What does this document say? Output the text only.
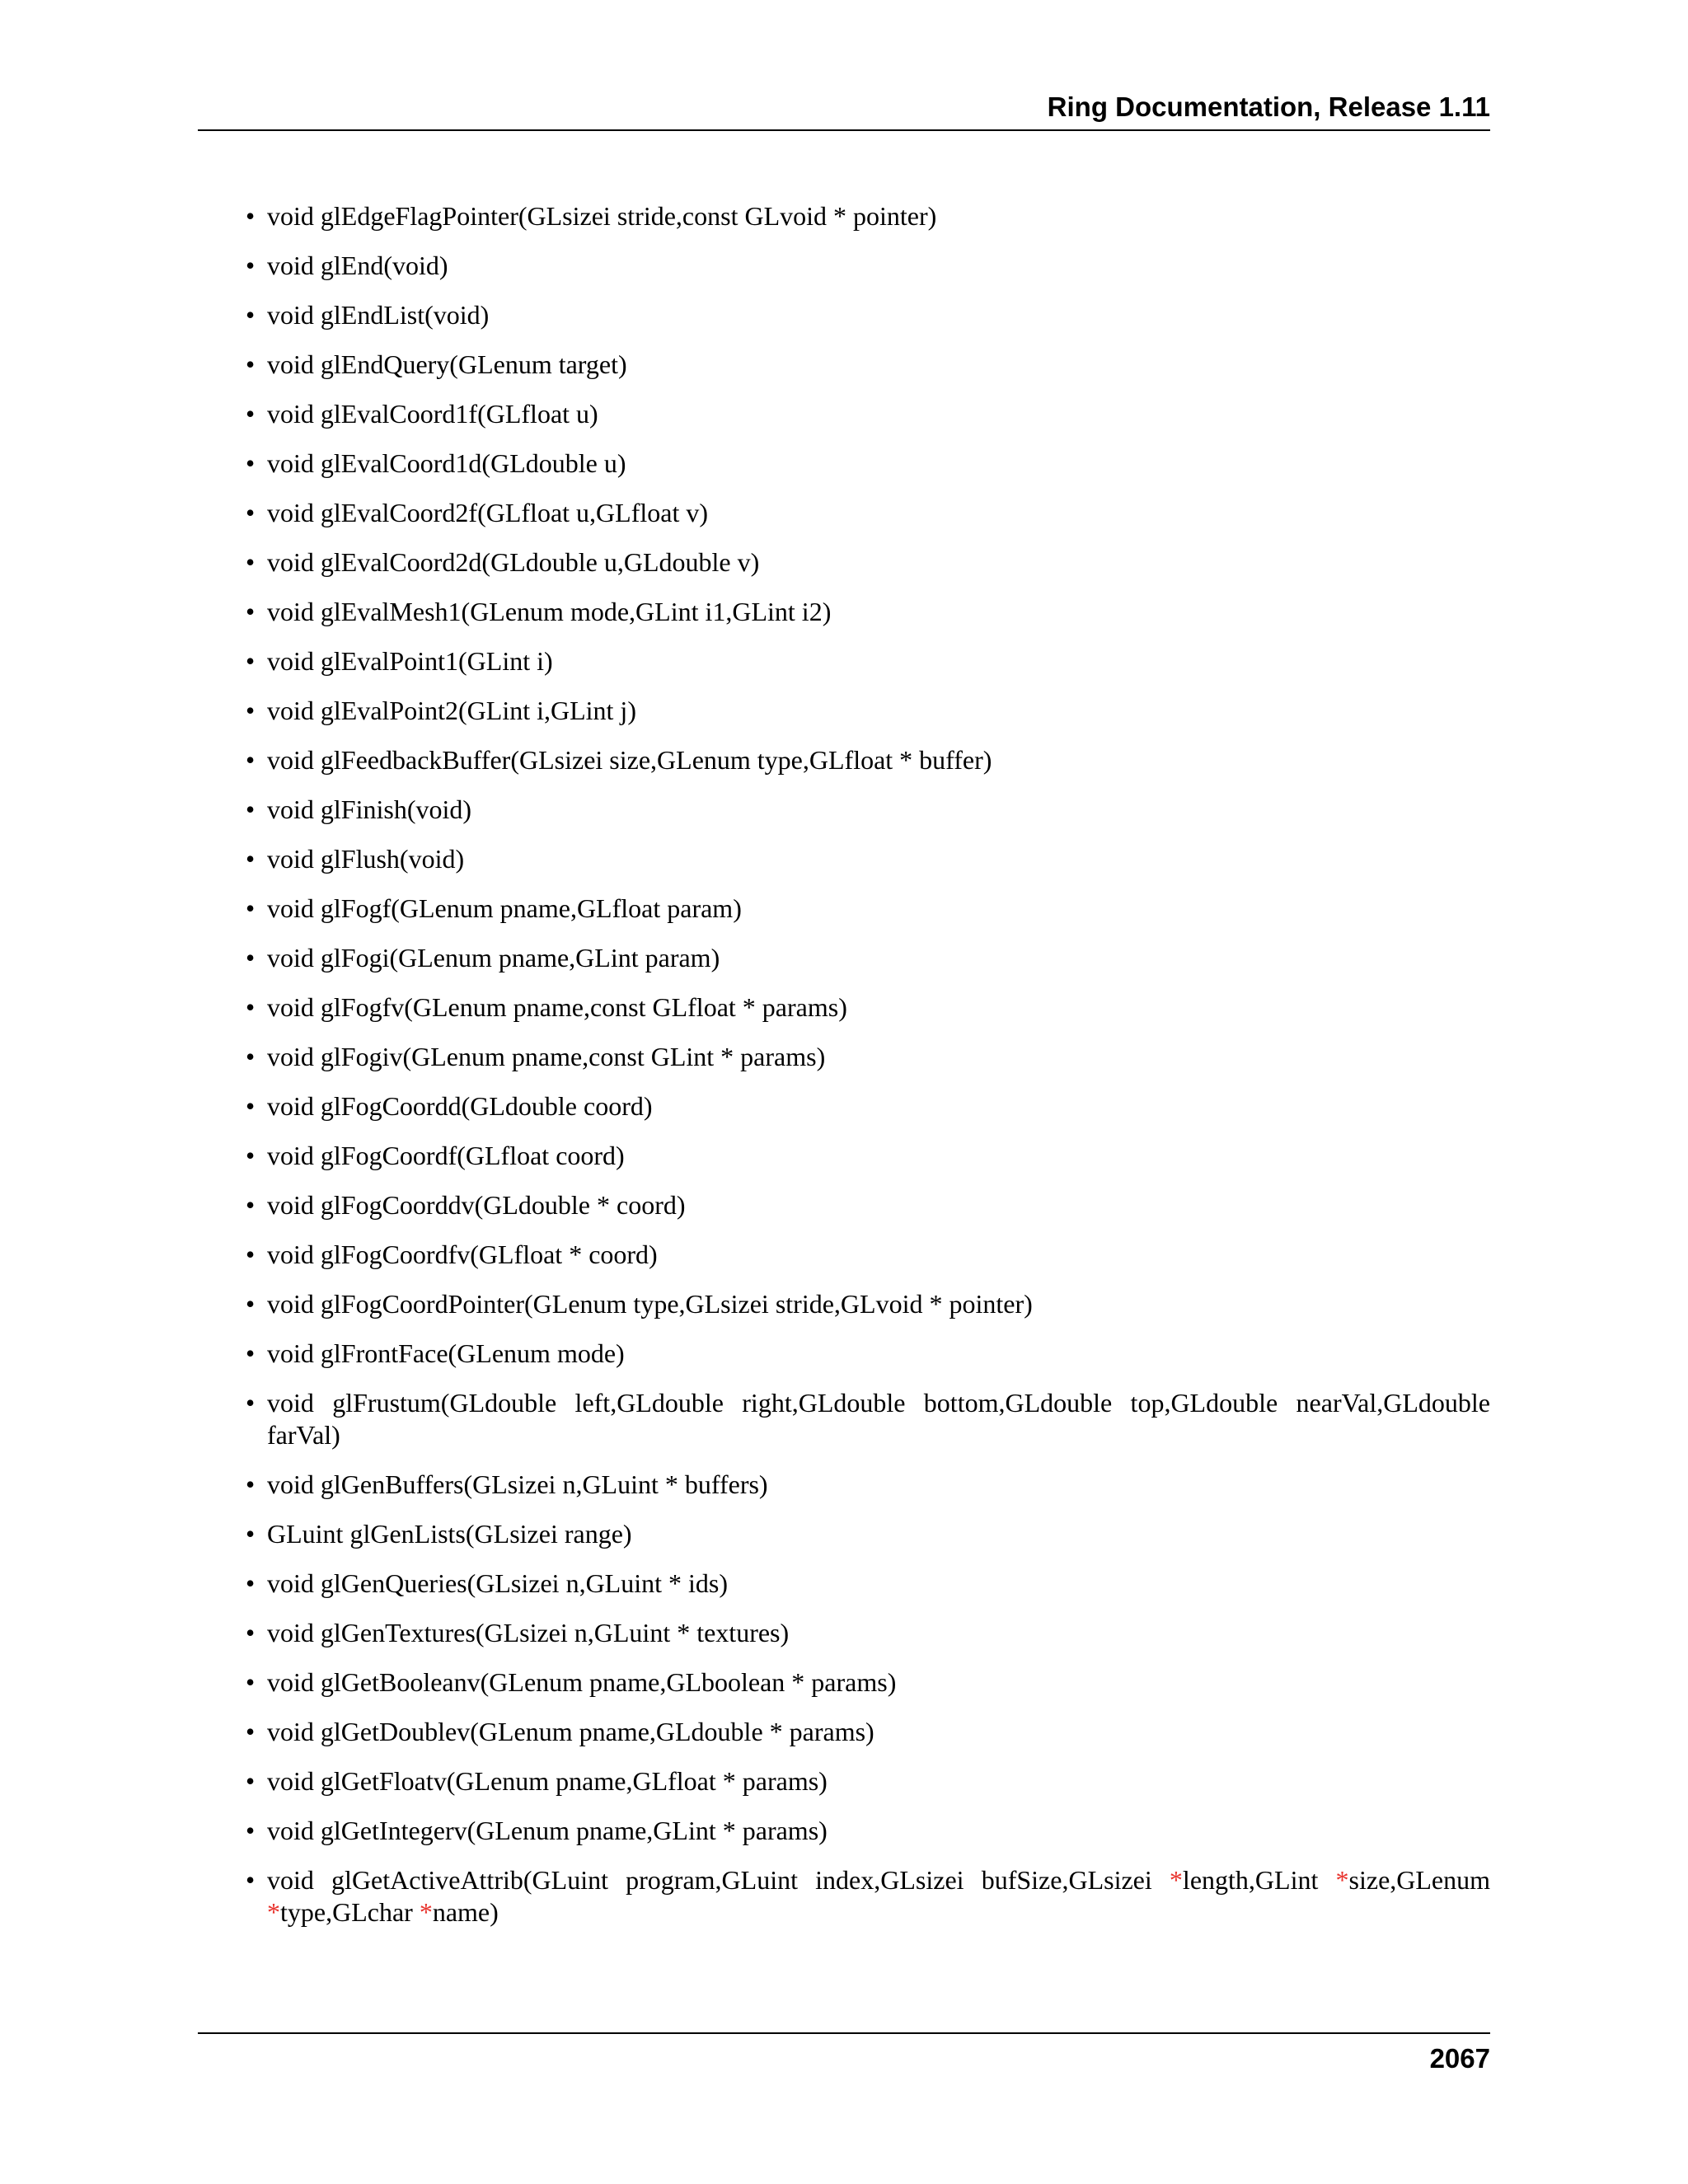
Ring Documentation, Release 1.11
• void glEdgeFlagPointer(GLsizei stride,const GLvoid * pointer)
• void glEnd(void)
• void glEndList(void)
• void glEndQuery(GLenum target)
• void glEvalCoord1f(GLfloat u)
• void glEvalCoord1d(GLdouble u)
• void glEvalCoord2f(GLfloat u,GLfloat v)
• void glEvalCoord2d(GLdouble u,GLdouble v)
• void glEvalMesh1(GLenum mode,GLint i1,GLint i2)
• void glEvalPoint1(GLint i)
• void glEvalPoint2(GLint i,GLint j)
• void glFeedbackBuffer(GLsizei size,GLenum type,GLfloat * buffer)
• void glFinish(void)
• void glFlush(void)
• void glFogf(GLenum pname,GLfloat param)
• void glFogi(GLenum pname,GLint param)
• void glFogfv(GLenum pname,const GLfloat * params)
• void glFogiv(GLenum pname,const GLint * params)
• void glFogCoordd(GLdouble coord)
• void glFogCoordf(GLfloat coord)
• void glFogCoorddv(GLdouble * coord)
• void glFogCoordfv(GLfloat * coord)
• void glFogCoordPointer(GLenum type,GLsizei stride,GLvoid * pointer)
• void glFrontFace(GLenum mode)
• void glFrustum(GLdouble left,GLdouble right,GLdouble bottom,GLdouble top,GLdouble nearVal,GLdouble farVal)
• void glGenBuffers(GLsizei n,GLuint * buffers)
• GLuint glGenLists(GLsizei range)
• void glGenQueries(GLsizei n,GLuint * ids)
• void glGenTextures(GLsizei n,GLuint * textures)
• void glGetBooleanv(GLenum pname,GLboolean * params)
• void glGetDoublev(GLenum pname,GLdouble * params)
• void glGetFloatv(GLenum pname,GLfloat * params)
• void glGetIntegerv(GLenum pname,GLint * params)
• void glGetActiveAttrib(GLuint program,GLuint index,GLsizei bufSize,GLsizei *length,GLint *size,GLenum *type,GLchar *name)
2067
